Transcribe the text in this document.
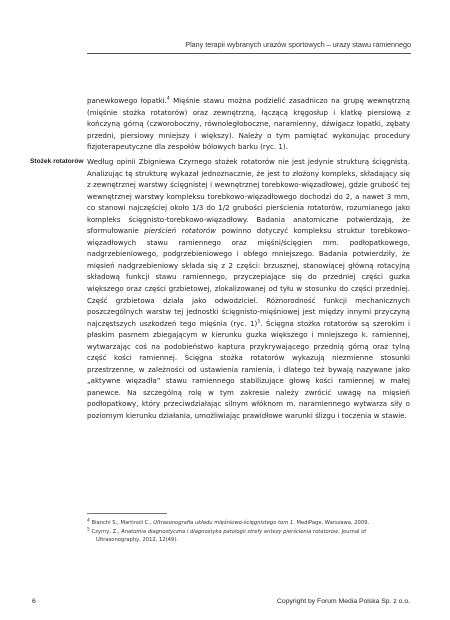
Plany terapii wybranych urazów sportowych – urazy stawu ramiennego

panewkowego łopatki.$^4$ Mięśnie stawu można podzielić zasadniczo na grupę wewnętrzną (mięśnie stożka rotatorów) oraz zewnętrzną, łączącą kręgosłup i klatkę piersiową z kończyną górną (czworoboczny, równoległoboczne, naramienny, dźwigacz łopatki, zębaty przedni, piersiowy mniejszy i większy). Należy o tym pamiętać wykonując procedury fizjoterapeutyczne dla zespołów bólowych barku (ryc. 1).

Stożek rotatorów Według opinii Zbigniewa Czyrnego stożek rotatorów nie jest jedynie strukturą ścięgnistą. Analizując tę strukturę wykazał jednoznacznie, że jest to złożony kompleks, składający się z zewnętrznej warstwy ścięgnistej i wewnętrznej torebkowo-więzadłowej, gdzie grubość tej wewnętrznej warstwy kompleksu torebkowo-więzadłowego dochodzi do 2, a nawet 3 mm, co stanowi najczęściej około 1/3 do 1/2 grubości pierścienia rotatorów, rozumianego jako kompleks ścięgnisto-torebkowo-więzadłowy. Badania anatomiczne potwierdzają, że sformułowanie pierścień rotatorów powinno dotyczyć kompleksu struktur torebkowo-więzadłowych stawu ramiennego oraz mięśni/ścięgien mm. podłopatkowego, nadgrzebieniowego, podgrzebieniowego i obłego mniejszego. Badania potwierdziły, że mięsień nadgrzebieniowy składa się z 2 części: brzusznej, stanowiącej główną rotacyjną składową funkcji stawu ramiennego, przyczepiające się do przedniej części guzka większego oraz części grzbietowej, zlokalizowanej od tyłu w stosunku do części przedniej. Część grzbietowa działa jako odwodziciel. Różnorodność funkcji mechanicznych poszczególnych warstw tej jednostki ścięgnisto-mięśniowej jest między innymi przyczyną najczęstszych uszkodzeń tego mięśnia (ryc. 1)$^5$. Ścięgna stożka rotatorów są szerokim i płaskim pasmem zbiegającym w kierunku guzka większego i mniejszego k. ramiennej, wytwarzając coś na podobieństwo kaptura przykrywającego przednią górną oraz tylną część kości ramiennej. Ścięgna stożka rotatorów wykazują niezmienne stosunki przestrzenne, w zależności od ustawienia ramienia, i dlatego też bywają nazywane jako „aktywne więzadła” stawu ramiennego stabilizujące głowę kości ramiennej w małej panewce. Na szczególną rolę w tym zakresie należy zwrócić uwagę na mięsień podłopatkowy, który przeciwdziałając silnym włóknom m. naramiennego wytwarza siły o poziomym kierunku działania, umożliwiając prawidłowe warunki ślizgu i toczenia w stawie.

$^4$ Bianchi S., Martinoli C., Ultrasonografia układu mięśniowo-ścięgnistego tom 1. MediPage, Warszawa, 2009.

$^5$ Czyrny, Z., Anatomia diagnostyczna i diagnostyka patologii strefy entezy pierścienia rotatorów. Journal of Ultrasonography, 2012, 12(49).

6	Copyright by Forum Media Polska Sp. z o.o.
